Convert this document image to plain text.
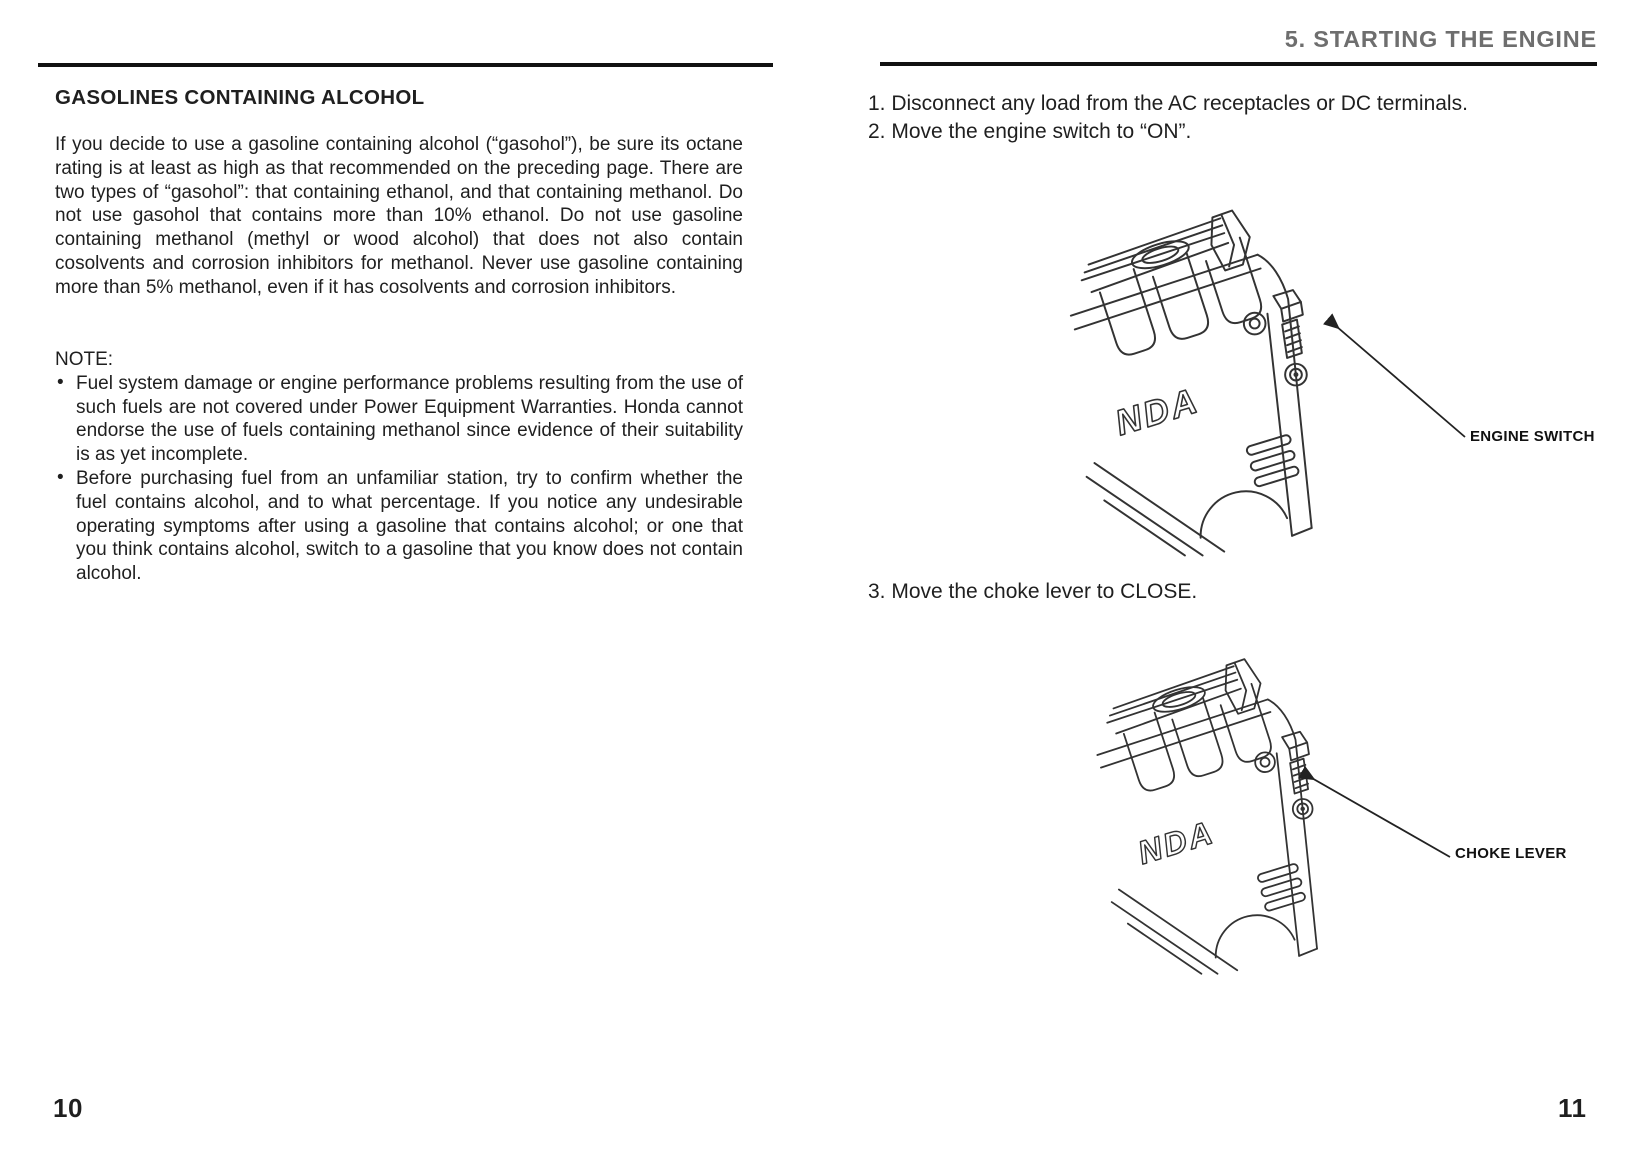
GASOLINES CONTAINING ALCOHOL
If you decide to use a gasoline containing alcohol (“gasohol”), be sure its octane rating is at least as high as that recommended on the preceding page. There are two types of “gasohol”: that containing ethanol, and that containing methanol. Do not use gasohol that contains more than 10% ethanol. Do not use gasoline containing methanol (methyl or wood alcohol) that does not also contain cosolvents and corrosion inhibitors for methanol. Never use gasoline containing more than 5% methanol, even if it has cosolvents and corrosion inhibitors.
NOTE:
• Fuel system damage or engine performance problems resulting from the use of such fuels are not covered under Power Equipment Warranties. Honda cannot endorse the use of fuels containing methanol since evidence of their suitability is as yet incomplete.
• Before purchasing fuel from an unfamiliar station, try to confirm whether the fuel contains alcohol, and to what percentage. If you notice any undesirable operating symptoms after using a gasoline that contains alcohol; or one that you think contains alcohol, switch to a gasoline that you know does not contain alcohol.
10
5. STARTING THE ENGINE
1. Disconnect any load from the AC receptacles or DC terminals.
2. Move the engine switch to “ON”.
ENGINE SWITCH
3. Move the choke lever to CLOSE.
CHOKE LEVER
11
